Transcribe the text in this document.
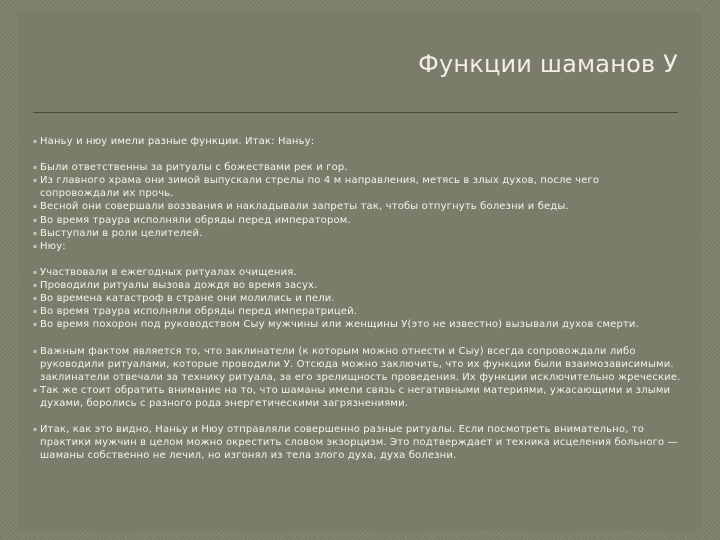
Функции шаманов У

▪ Наньу и нюу имели разные функции. Итак: Наньу:

▪ Были ответственны за ритуалы с божествами рек и гор.

▪ Из главного храма они зимой выпускали стрелы по 4 м направления, метясь в злых духов, после чего сопровождали их прочь.

▪ Весной они совершали воззвания и накладывали запреты так, чтобы отпугнуть болезни и беды.

▪ Во время траура исполняли обряды перед императором.

▪ Выступали в роли целителей.

▪ Нюу:

▪ Участвовали в ежегодных ритуалах очищения.

▪ Проводили ритуалы вызова дождя во время засух.

▪ Во времена катастроф в стране они молились и пели.

▪ Во время траура исполняли обряды перед императрицей.

▪ Во время похорон под руководством Сыу мужчины или женщины У(это не известно) вызывали духов смерти.

▪ Важным фактом является то, что заклинатели (к которым можно отнести и Сыу) всегда сопровождали либо руководили ритуалами, которые проводили У. Отсюда можно заключить, что их функции были взаимозависимыми. заклинатели отвечали за технику ритуала, за его зрелищность проведения. Их функции исключительно жреческие.

▪ Так же стоит обратить внимание на то, что шаманы имели связь с негативными материями, ужасающими и злыми духами, боролись с разного рода энергетическими загрязнениями.

▪ Итак, как это видно, Наньу и Нюу отправляли совершенно разные ритуалы. Если посмотреть внимательно, то практики мужчин в целом можно окрестить словом экзорцизм. Это подтверждает и техника исцеления больного — шаманы собственно не лечил, но изгонял из тела злого духа, духа болезни.
